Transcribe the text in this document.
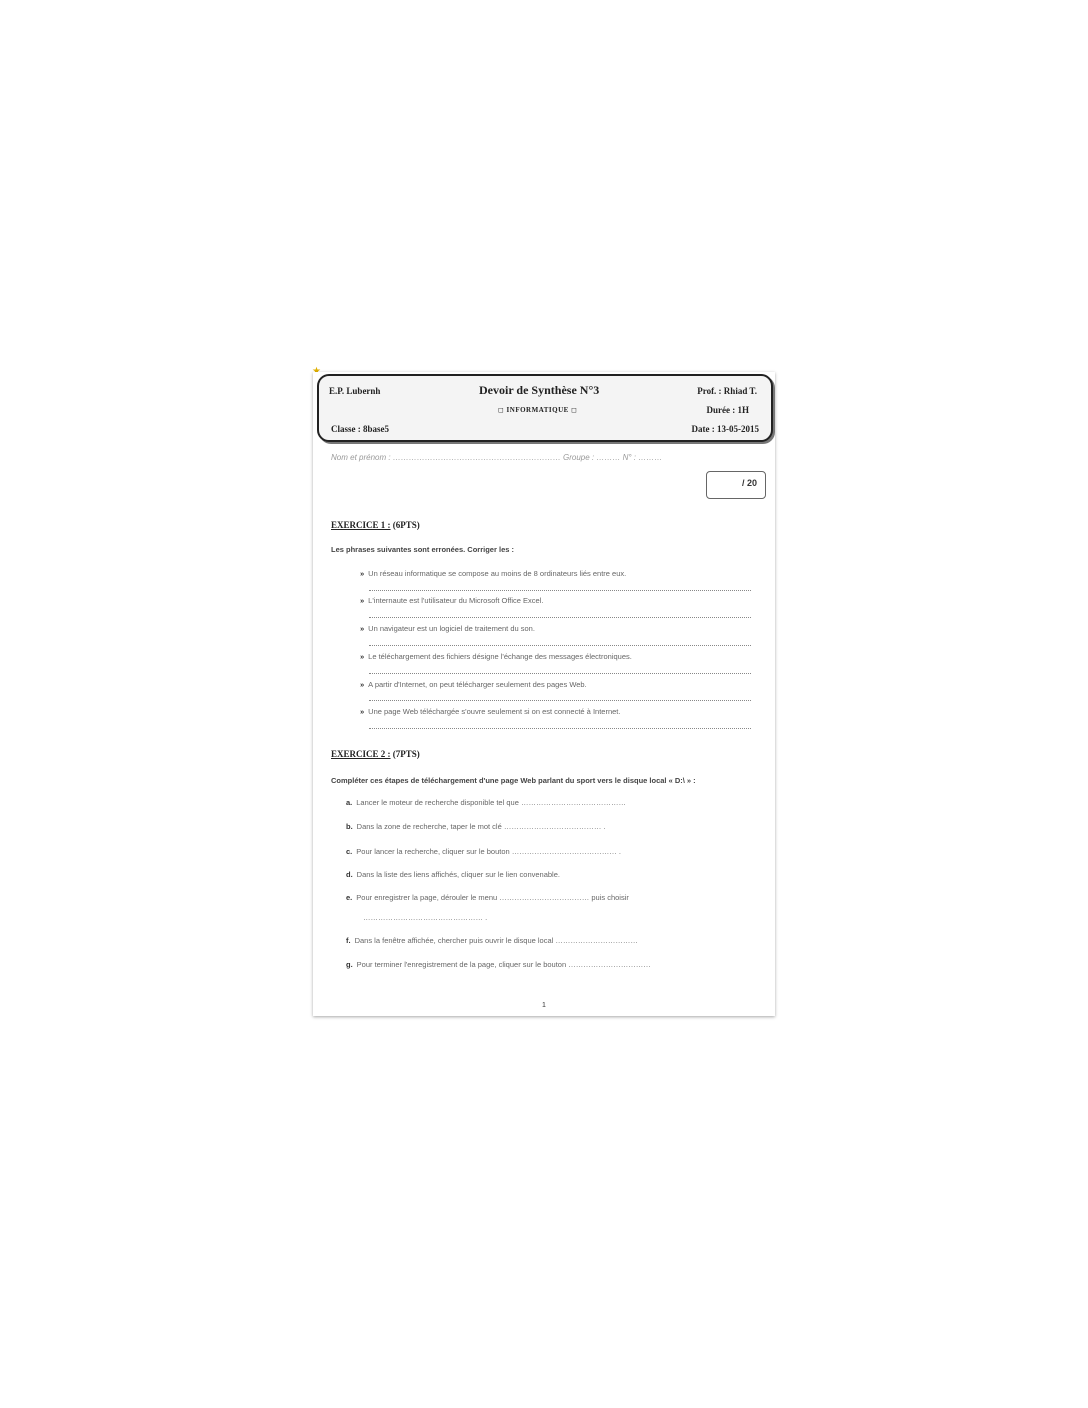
E.P. Lubernh	Devoir de Synthèse N°3	Prof. : Rhiad T.
◻ INFORMATIQUE ◻	Durée : 1H
Classe : 8base5	Date : 13-05-2015
Nom et prénom : ……………………………………………………… Groupe : ……… N° : ………
/ 20
EXERCICE 1 : (6PTS)
Les phrases suivantes sont erronées. Corriger les :
» Un réseau informatique se compose au moins de 8 ordinateurs liés entre eux.
» L'internaute est l'utilisateur du Microsoft Office Excel.
» Un navigateur est un logiciel de traitement du son.
» Le téléchargement des fichiers désigne l'échange des messages électroniques.
» A partir d'Internet, on peut télécharger seulement des pages Web.
» Une page Web téléchargée s'ouvre seulement si on est connecté à Internet.
EXERCICE 2 : (7PTS)
Compléter ces étapes de téléchargement d'une page Web parlant du sport vers le disque local « D:\ » :
a. Lancer le moteur de recherche disponible tel que ……………………………………
b. Dans la zone de recherche, taper le mot clé ………………………………… .
c. Pour lancer la recherche, cliquer sur le bouton …………………………………… .
d. Dans la liste des liens affichés, cliquer sur le lien convenable.
e. Pour enregistrer la page, dérouler le menu ……………………………… puis choisir
………………………………………… .
f. Dans la fenêtre affichée, chercher puis ouvrir le disque local ……………………………
g. Pour terminer l'enregistrement de la page, cliquer sur le bouton ……………………………
1
